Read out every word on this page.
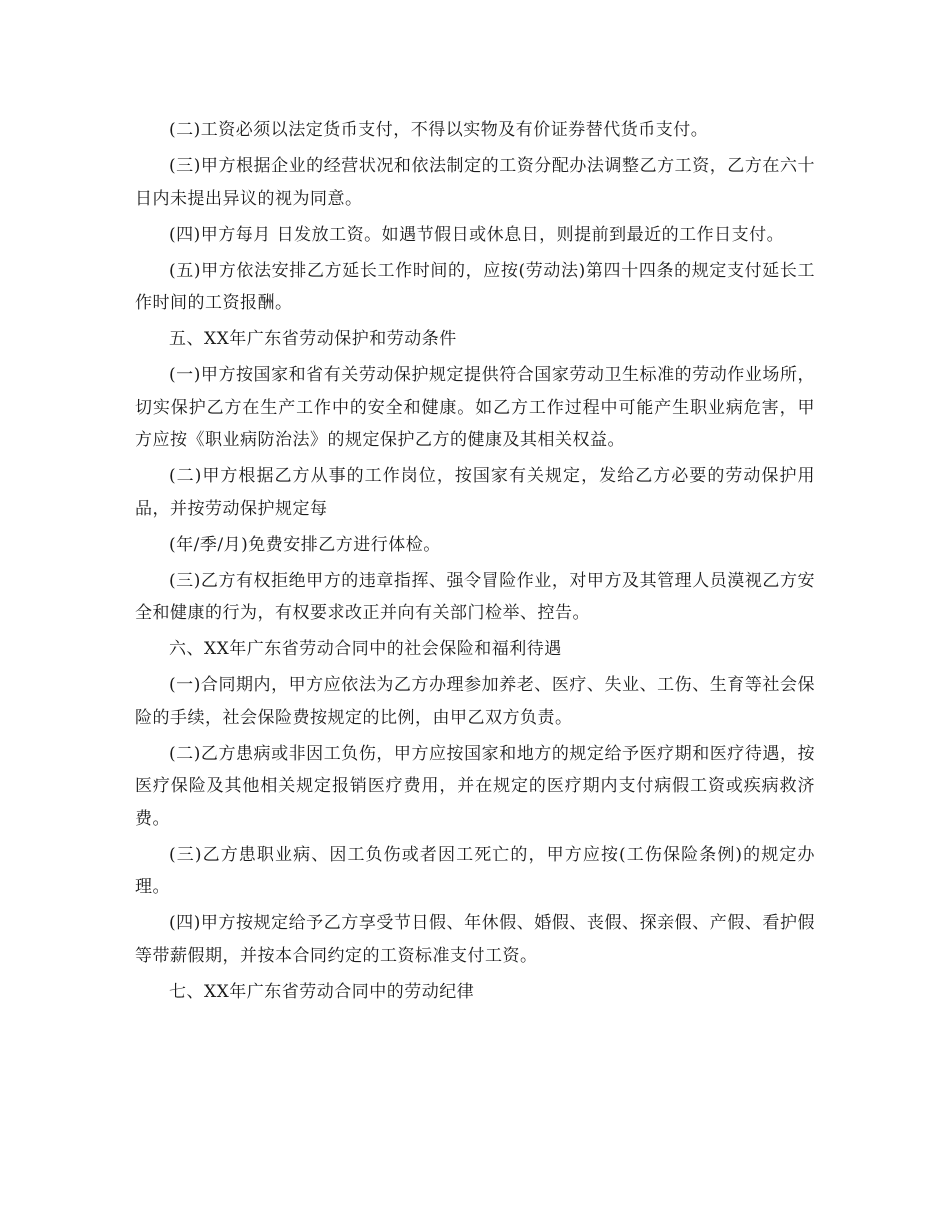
(二)工资必须以法定货币支付，不得以实物及有价证券替代货币支付。

(三)甲方根据企业的经营状况和依法制定的工资分配办法调整乙方工资，乙方在六十日内未提出异议的视为同意。

(四)甲方每月 日发放工资。如遇节假日或休息日，则提前到最近的工作日支付。

(五)甲方依法安排乙方延长工作时间的，应按(劳动法)第四十四条的规定支付延长工作时间的工资报酬。

五、XX年广东省劳动保护和劳动条件

(一)甲方按国家和省有关劳动保护规定提供符合国家劳动卫生标准的劳动作业场所，切实保护乙方在生产工作中的安全和健康。如乙方工作过程中可能产生职业病危害，甲方应按《职业病防治法》的规定保护乙方的健康及其相关权益。

(二)甲方根据乙方从事的工作岗位，按国家有关规定，发给乙方必要的劳动保护用品，并按劳动保护规定每

(年/季/月)免费安排乙方进行体检。

(三)乙方有权拒绝甲方的违章指挥、强令冒险作业，对甲方及其管理人员漠视乙方安全和健康的行为，有权要求改正并向有关部门检举、控告。

六、XX年广东省劳动合同中的社会保险和福利待遇

(一)合同期内，甲方应依法为乙方办理参加养老、医疗、失业、工伤、生育等社会保险的手续，社会保险费按规定的比例，由甲乙双方负责。

(二)乙方患病或非因工负伤，甲方应按国家和地方的规定给予医疗期和医疗待遇，按医疗保险及其他相关规定报销医疗费用，并在规定的医疗期内支付病假工资或疾病救济费。

(三)乙方患职业病、因工负伤或者因工死亡的，甲方应按(工伤保险条例)的规定办理。

(四)甲方按规定给予乙方享受节日假、年休假、婚假、丧假、探亲假、产假、看护假等带薪假期，并按本合同约定的工资标准支付工资。

七、XX年广东省劳动合同中的劳动纪律
